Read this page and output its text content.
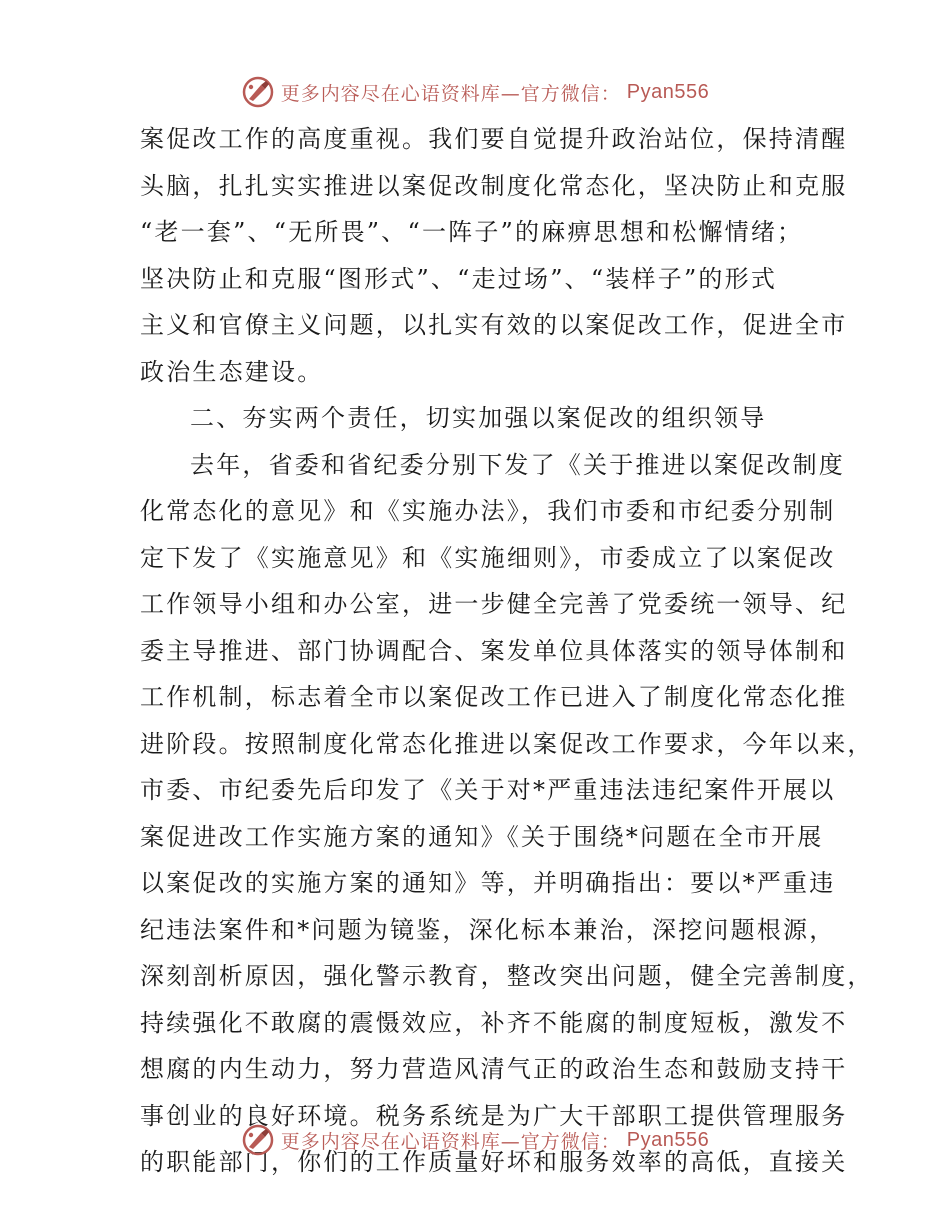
更多内容尽在心语资料库—官方微信： Pyan556
案促改工作的高度重视。我们要自觉提升政治站位，保持清醒
头脑，扎扎实实推进以案促改制度化常态化，坚决防止和克服
“老一套”、“无所畏”、“一阵子”的麻痹思想和松懈情绪；
坚决防止和克服“图形式”、“走过场”、“装样子”的形式
主义和官僚主义问题，以扎实有效的以案促改工作，促进全市
政治生态建设。
二、夯实两个责任，切实加强以案促改的组织领导
去年，省委和省纪委分别下发了《关于推进以案促改制度
化常态化的意见》和《实施办法》，我们市委和市纪委分别制
定下发了《实施意见》和《实施细则》，市委成立了以案促改
工作领导小组和办公室，进一步健全完善了党委统一领导、纪
委主导推进、部门协调配合、案发单位具体落实的领导体制和
工作机制，标志着全市以案促改工作已进入了制度化常态化推
进阶段。按照制度化常态化推进以案促改工作要求，今年以来，
市委、市纪委先后印发了《关于对*严重违法违纪案件开展以
案促进改工作实施方案的通知》《关于围绕*问题在全市开展
以案促改的实施方案的通知》等，并明确指出：要以*严重违
纪违法案件和*问题为镜鉴，深化标本兼治，深挖问题根源，
深刻剖析原因，强化警示教育，整改突出问题，健全完善制度，
持续强化不敢腐的震慑效应，补齐不能腐的制度短板，激发不
想腐的内生动力，努力营造风清气正的政治生态和鼓励支持干
事创业的良好环境。税务系统是为广大干部职工提供管理服务
的职能部门，你们的工作质量好坏和服务效率的高低，直接关
更多内容尽在心语资料库—官方微信： Pyan556
